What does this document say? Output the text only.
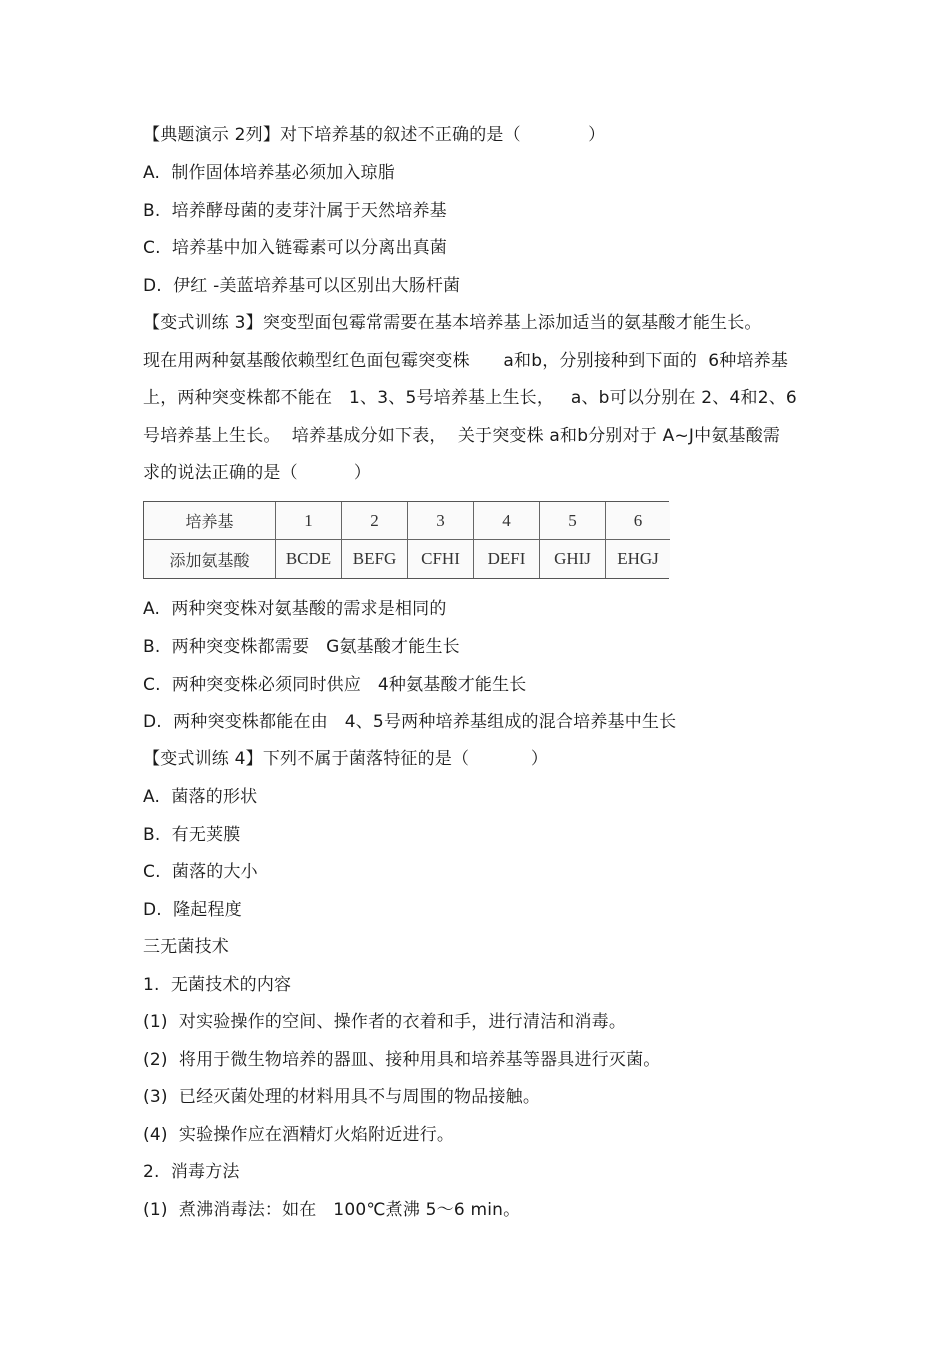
【典题演示 2列】对下培养基的叙述不正确的是（            ）
A.  制作固体培养基必须加入琼脂
B.  培养酵母菌的麦芽汁属于天然培养基
C.  培养基中加入链霉素可以分离出真菌
D.  伊红 -美蓝培养基可以区别出大肠杆菌
【变式训练 3】突变型面包霉常需要在基本培养基上添加适当的氨基酸才能生长。
现在用两种氨基酸依赖型红色面包霉突变株      a和b，分别接种到下面的  6种培养基
上，两种突变株都不能在   1、3、5号培养基上生长，   a、b可以分别在 2、4和2、6
号培养基上生长。  培养基成分如下表，  关于突变株 a和b分别对于 A~J中氨基酸需
求的说法正确的是（          ）
培养基	1	2	3	4	5	6
添加氨基酸	BCDE	BEFG	CFHI	DEFI	GHIJ	EHGJ
A.  两种突变株对氨基酸的需求是相同的
B.  两种突变株都需要   G氨基酸才能生长
C.  两种突变株必须同时供应   4种氨基酸才能生长
D.  两种突变株都能在由   4、5号两种培养基组成的混合培养基中生长
【变式训练 4】下列不属于菌落特征的是（           ）
A.  菌落的形状
B.  有无荚膜
C.  菌落的大小
D.  隆起程度
三无菌技术
1.  无菌技术的内容
(1)  对实验操作的空间、操作者的衣着和手，进行清洁和消毒。
(2)  将用于微生物培养的器皿、接种用具和培养基等器具进行灭菌。
(3)  已经灭菌处理的材料用具不与周围的物品接触。
(4)  实验操作应在酒精灯火焰附近进行。
2.  消毒方法
(1)  煮沸消毒法：如在   100℃煮沸 5～6 min。
